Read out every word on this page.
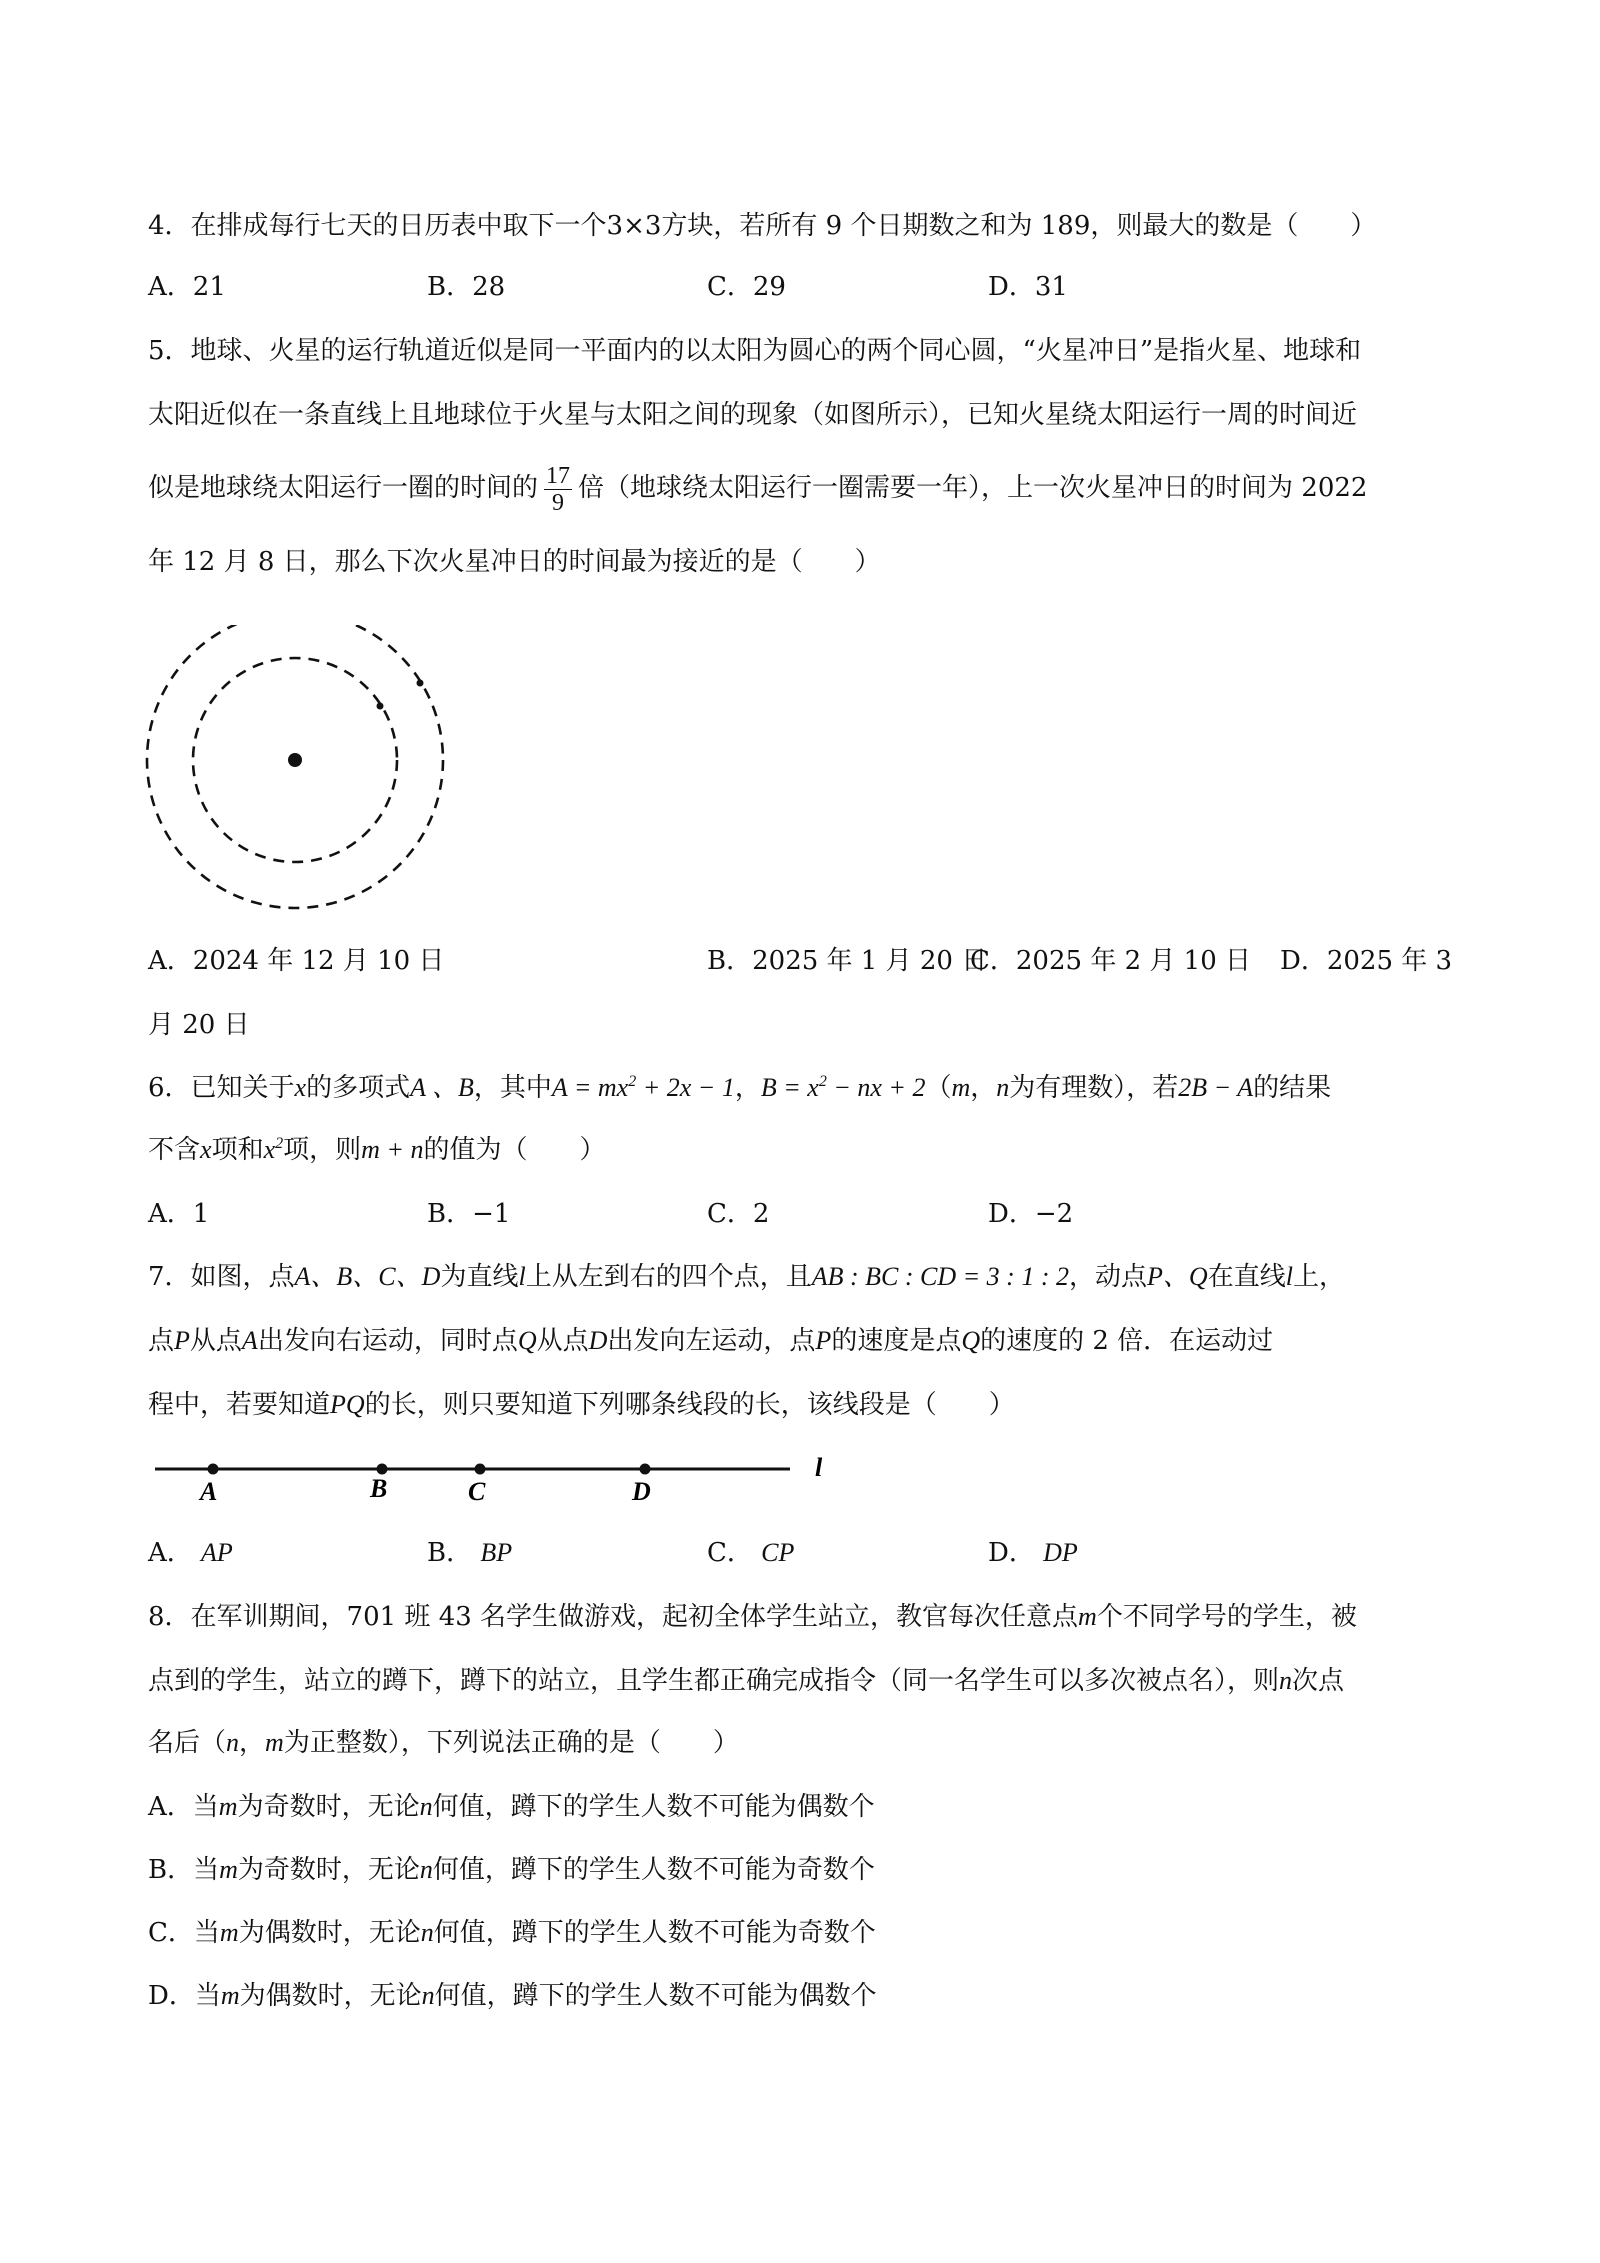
4．在排成每行七天的日历表中取下一个3×3方块，若所有 9 个日期数之和为 189，则最大的数是（　　）
A．21	B．28	C．29	D．31
5．地球、火星的运行轨道近似是同一平面内的以太阳为圆心的两个同心圆，“火星冲日”是指火星、地球和
太阳近似在一条直线上且地球位于火星与太阳之间的现象（如图所示），已知火星绕太阳运行一周的时间近
似是地球绕太阳运行一圈的时间的 $\frac{17}{9}$ 倍（地球绕太阳运行一圈需要一年），上一次火星冲日的时间为 2022
年 12 月 8 日，那么下次火星冲日的时间最为接近的是（　　）
A．2024 年 12 月 10 日	B．2025 年 1 月 20 日
C．2025 年 2 月 10 日 D．2025 年 3
月 20 日
6．已知关于x的多项式A 、B，其中$A = mx^2 + 2x - 1$，$B = x^2$ − nx + 2（m，n为有理数），若2B − A的结果
不含x项和$x^2$项，则m + n的值为（　　）
A．1	B．−1	C．2	D．−2
7．如图，点A、B、C、D为直线l上从左到右的四个点，且AB : BC : CD = 3 : 1 : 2，动点P、Q在直线l上，
点P从点A出发向右运动，同时点Q从点D出发向左运动，点P的速度是点Q的速度的 2 倍．在运动过
程中，若要知道PQ的长，则只要知道下列哪条线段的长，该线段是（　　）
A	B	C	D
l
A． AP	B． BP	C． CP	D． DP
8．在军训期间，701 班 43 名学生做游戏，起初全体学生站立，教官每次任意点m个不同学号的学生，被
点到的学生，站立的蹲下，蹲下的站立，且学生都正确完成指令（同一名学生可以多次被点名），则n次点
名后（n，m为正整数），下列说法正确的是（　　）
A．当m为奇数时，无论n何值，蹲下的学生人数不可能为偶数个
B．当m为奇数时，无论n何值，蹲下的学生人数不可能为奇数个
C．当m为偶数时，无论n何值，蹲下的学生人数不可能为奇数个
D．当m为偶数时，无论n何值，蹲下的学生人数不可能为偶数个
